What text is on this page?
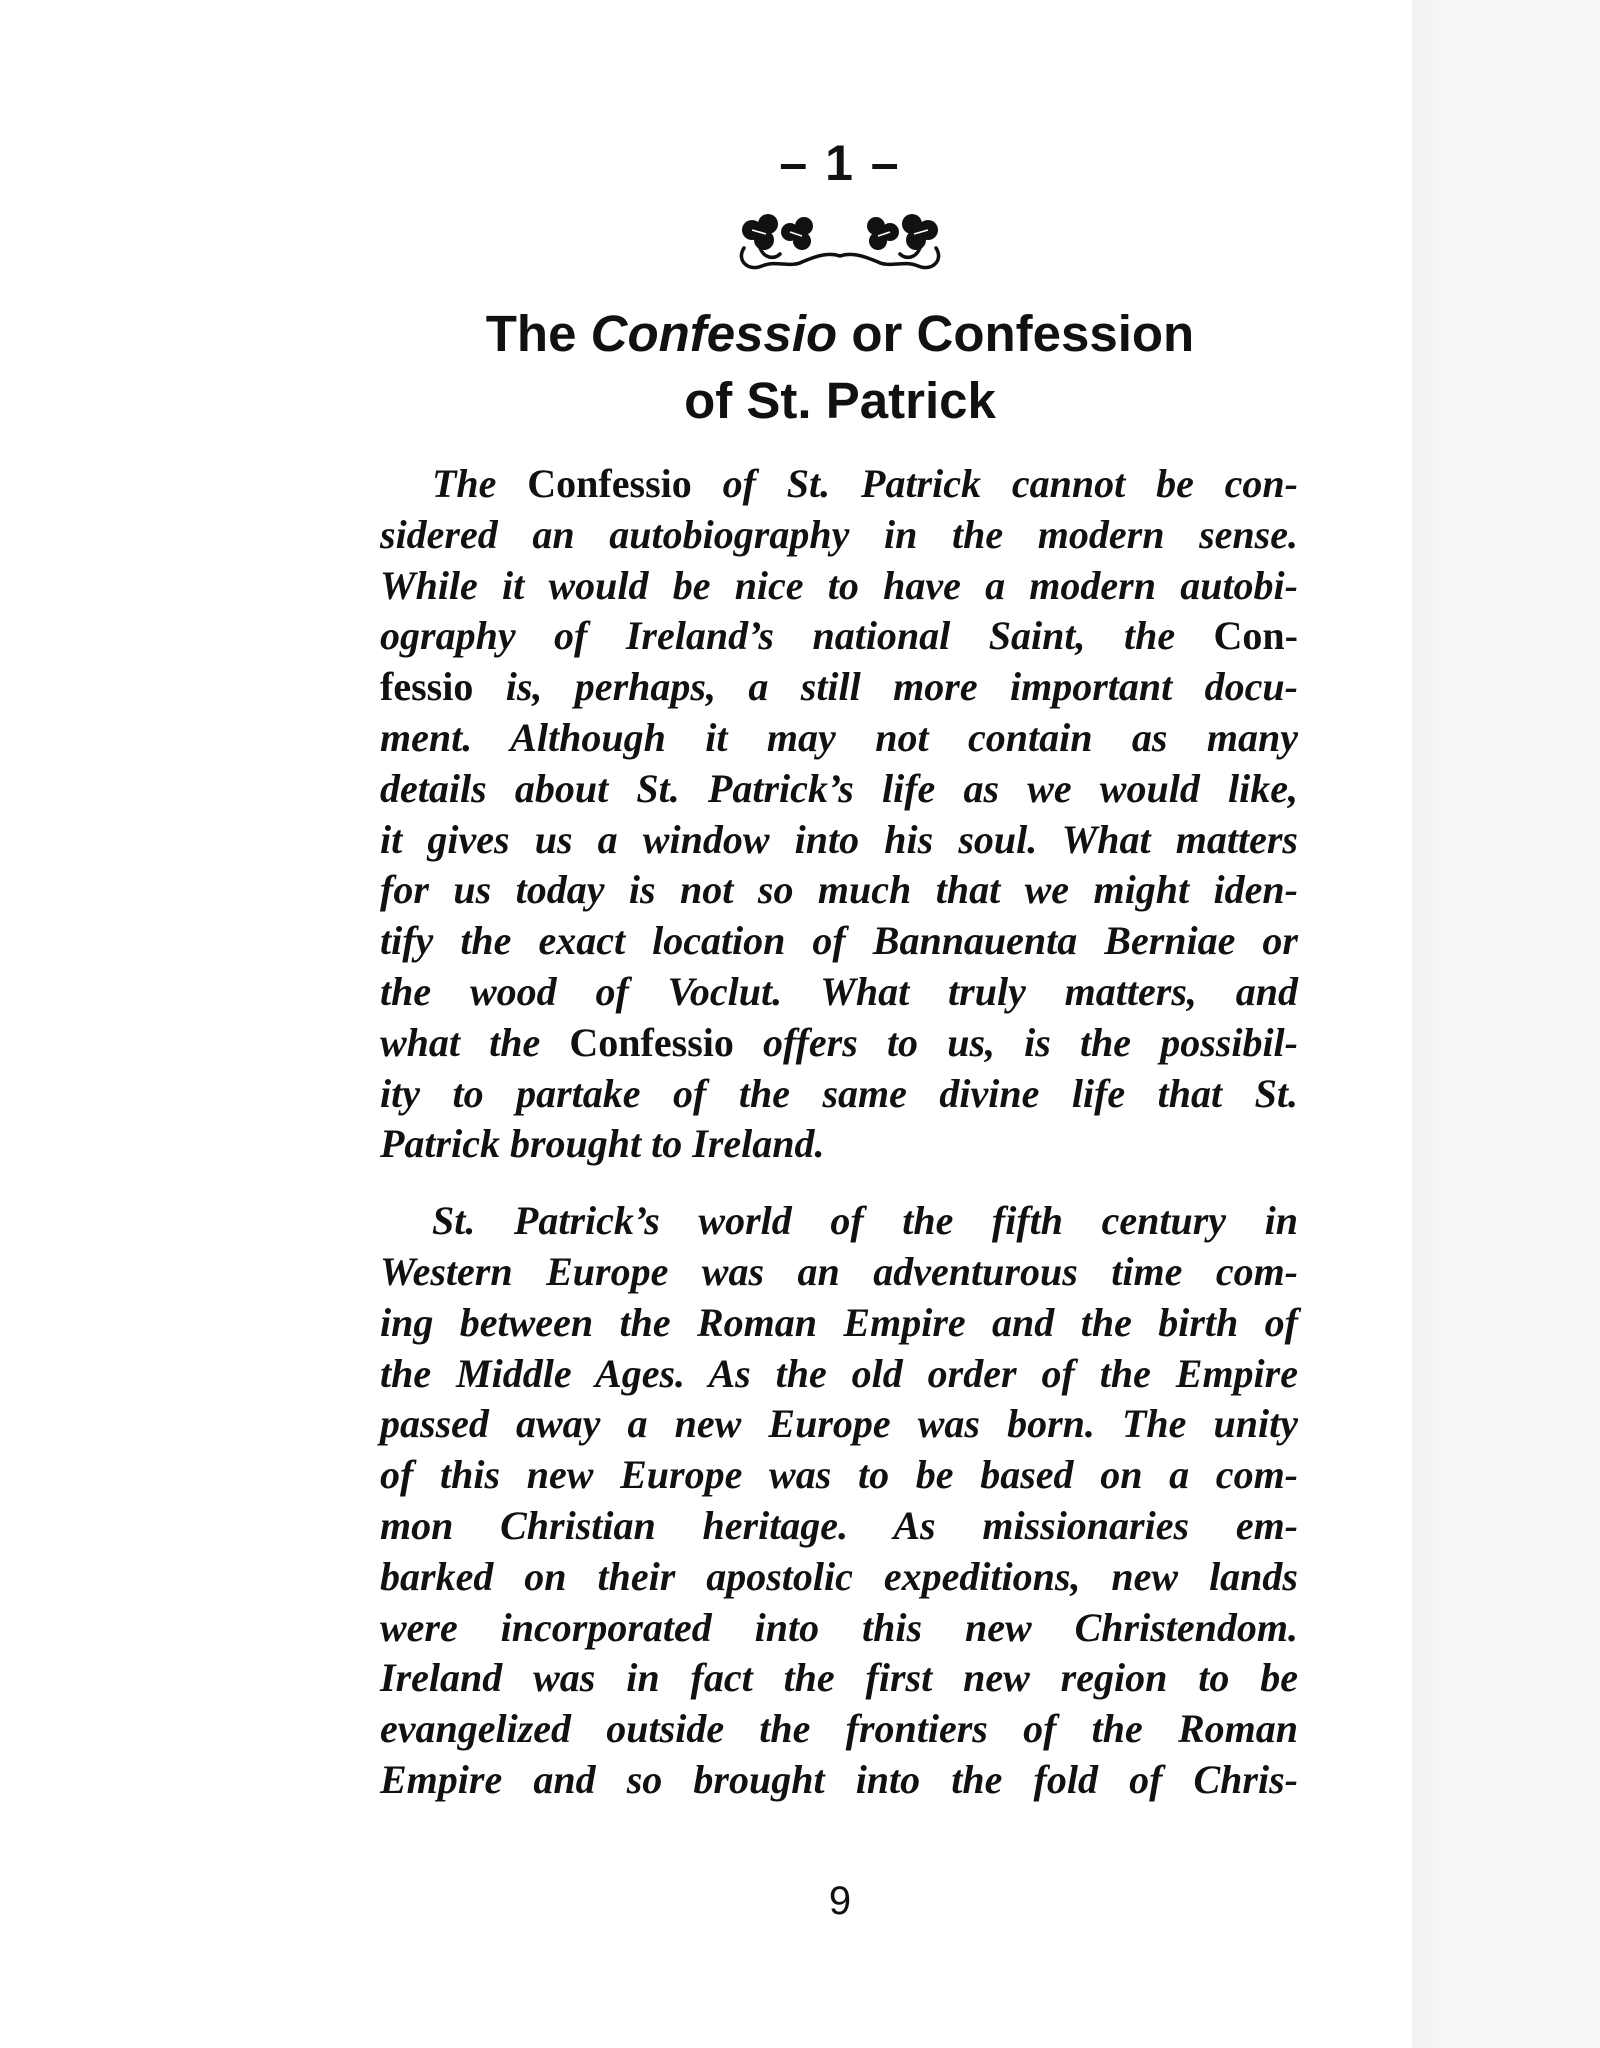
– 1 –
The Confessio or Confession
of St. Patrick
The Confessio of St. Patrick cannot be con-
sidered an autobiography in the modern sense.
While it would be nice to have a modern autobi-
ography of Ireland’s national Saint, the Con-
fessio is, perhaps, a still more important docu-
ment. Although it may not contain as many
details about St. Patrick’s life as we would like,
it gives us a window into his soul. What matters
for us today is not so much that we might iden-
tify the exact location of Bannauenta Berniae or
the wood of Voclut. What truly matters, and
what the Confessio offers to us, is the possibil-
ity to partake of the same divine life that St.
Patrick brought to Ireland.
St. Patrick’s world of the fifth century in
Western Europe was an adventurous time com-
ing between the Roman Empire and the birth of
the Middle Ages. As the old order of the Empire
passed away a new Europe was born. The unity
of this new Europe was to be based on a com-
mon Christian heritage. As missionaries em-
barked on their apostolic expeditions, new lands
were incorporated into this new Christendom.
Ireland was in fact the first new region to be
evangelized outside the frontiers of the Roman
Empire and so brought into the fold of Chris-
9
